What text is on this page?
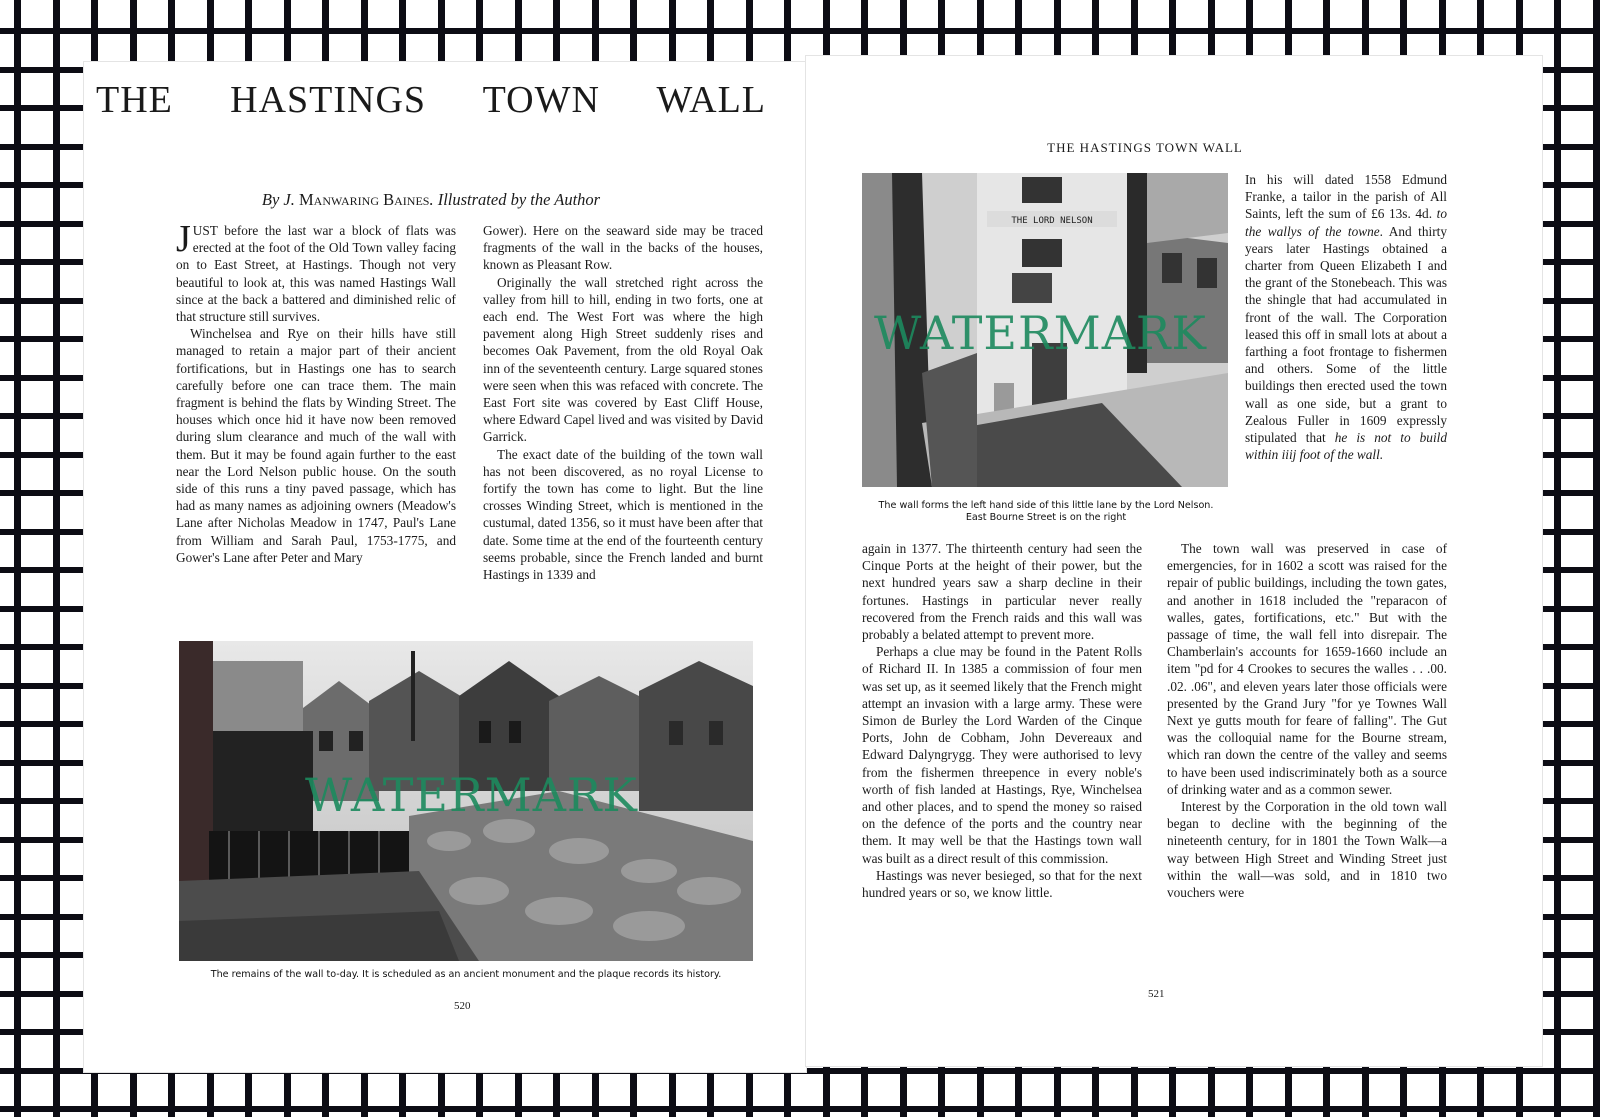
THE HASTINGS TOWN WALL

By J. Manwaring Baines. Illustrated by the Author

JUST before the last war a block of flats was erected at the foot of the Old Town valley facing on to East Street, at Hastings. Though not very beautiful to look at, this was named Hastings Wall since at the back a battered and diminished relic of that structure still survives.

Winchelsea and Rye on their hills have still managed to retain a major part of their ancient fortifications, but in Hastings one has to search carefully before one can trace them. The main fragment is behind the flats by Winding Street. The houses which once hid it have now been removed during slum clearance and much of the wall with them. But it may be found again further to the east near the Lord Nelson public house. On the south side of this runs a tiny paved passage, which has had as many names as adjoining owners (Meadow's Lane after Nicholas Meadow in 1747, Paul's Lane from William and Sarah Paul, 1753-1775, and Gower's Lane after Peter and Mary

Gower). Here on the seaward side may be traced fragments of the wall in the backs of the houses, known as Pleasant Row.

Originally the wall stretched right across the valley from hill to hill, ending in two forts, one at each end. The West Fort was where the high pavement along High Street suddenly rises and becomes Oak Pavement, from the old Royal Oak inn of the seventeenth century. Large squared stones were seen when this was refaced with concrete. The East Fort site was covered by East Cliff House, where Edward Capel lived and was visited by David Garrick.

The exact date of the building of the town wall has not been discovered, as no royal License to fortify the town has come to light. But the line crosses Winding Street, which is mentioned in the custumal, dated 1356, so it must have been after that date. Some time at the end of the fourteenth century seems probable, since the French landed and burnt Hastings in 1339 and

WATERMARK
The remains of the wall to-day. It is scheduled as an ancient monument and the plaque records its history.
520
THE HASTINGS TOWN WALL
THE LORD NELSON
WATERMARK
The wall forms the left hand side of this little lane by the Lord Nelson.
East Bourne Street is on the right

In his will dated 1558 Edmund Franke, a tailor in the parish of All Saints, left the sum of £6 13s. 4d. to the wallys of the towne. And thirty years later Hastings obtained a charter from Queen Elizabeth I and the grant of the Stonebeach. This was the shingle that had accumulated in front of the wall. The Corporation leased this off in small lots at about a farthing a foot frontage to fishermen and others. Some of the little buildings then erected used the town wall as one side, but a grant to Zealous Fuller in 1609 expressly stipulated that he is not to build within iiij foot of the wall.

again in 1377. The thirteenth century had seen the Cinque Ports at the height of their power, but the next hundred years saw a sharp decline in their fortunes. Hastings in particular never really recovered from the French raids and this wall was probably a belated attempt to prevent more.

Perhaps a clue may be found in the Patent Rolls of Richard II. In 1385 a commission of four men was set up, as it seemed likely that the French might attempt an invasion with a large army. These were Simon de Burley the Lord Warden of the Cinque Ports, John de Cobham, John Devereaux and Edward Dalyngrygg. They were authorised to levy from the fishermen threepence in every noble's worth of fish landed at Hastings, Rye, Winchelsea and other places, and to spend the money so raised on the defence of the ports and the country near them. It may well be that the Hastings town wall was built as a direct result of this commission.

Hastings was never besieged, so that for the next hundred years or so, we know little.

The town wall was preserved in case of emergencies, for in 1602 a scott was raised for the repair of public buildings, including the town gates, and another in 1618 included the "reparacon of walles, gates, fortifications, etc." But with the passage of time, the wall fell into disrepair. The Chamberlain's accounts for 1659-1660 include an item "pd for 4 Crookes to secures the walles . . .00. .02. .06", and eleven years later those officials were presented by the Grand Jury "for ye Townes Wall Next ye gutts mouth for feare of falling". The Gut was the colloquial name for the Bourne stream, which ran down the centre of the valley and seems to have been used indiscriminately both as a source of drinking water and as a common sewer.

Interest by the Corporation in the old town wall began to decline with the beginning of the nineteenth century, for in 1801 the Town Walk—a way between High Street and Winding Street just within the wall—was sold, and in 1810 two vouchers were

521
